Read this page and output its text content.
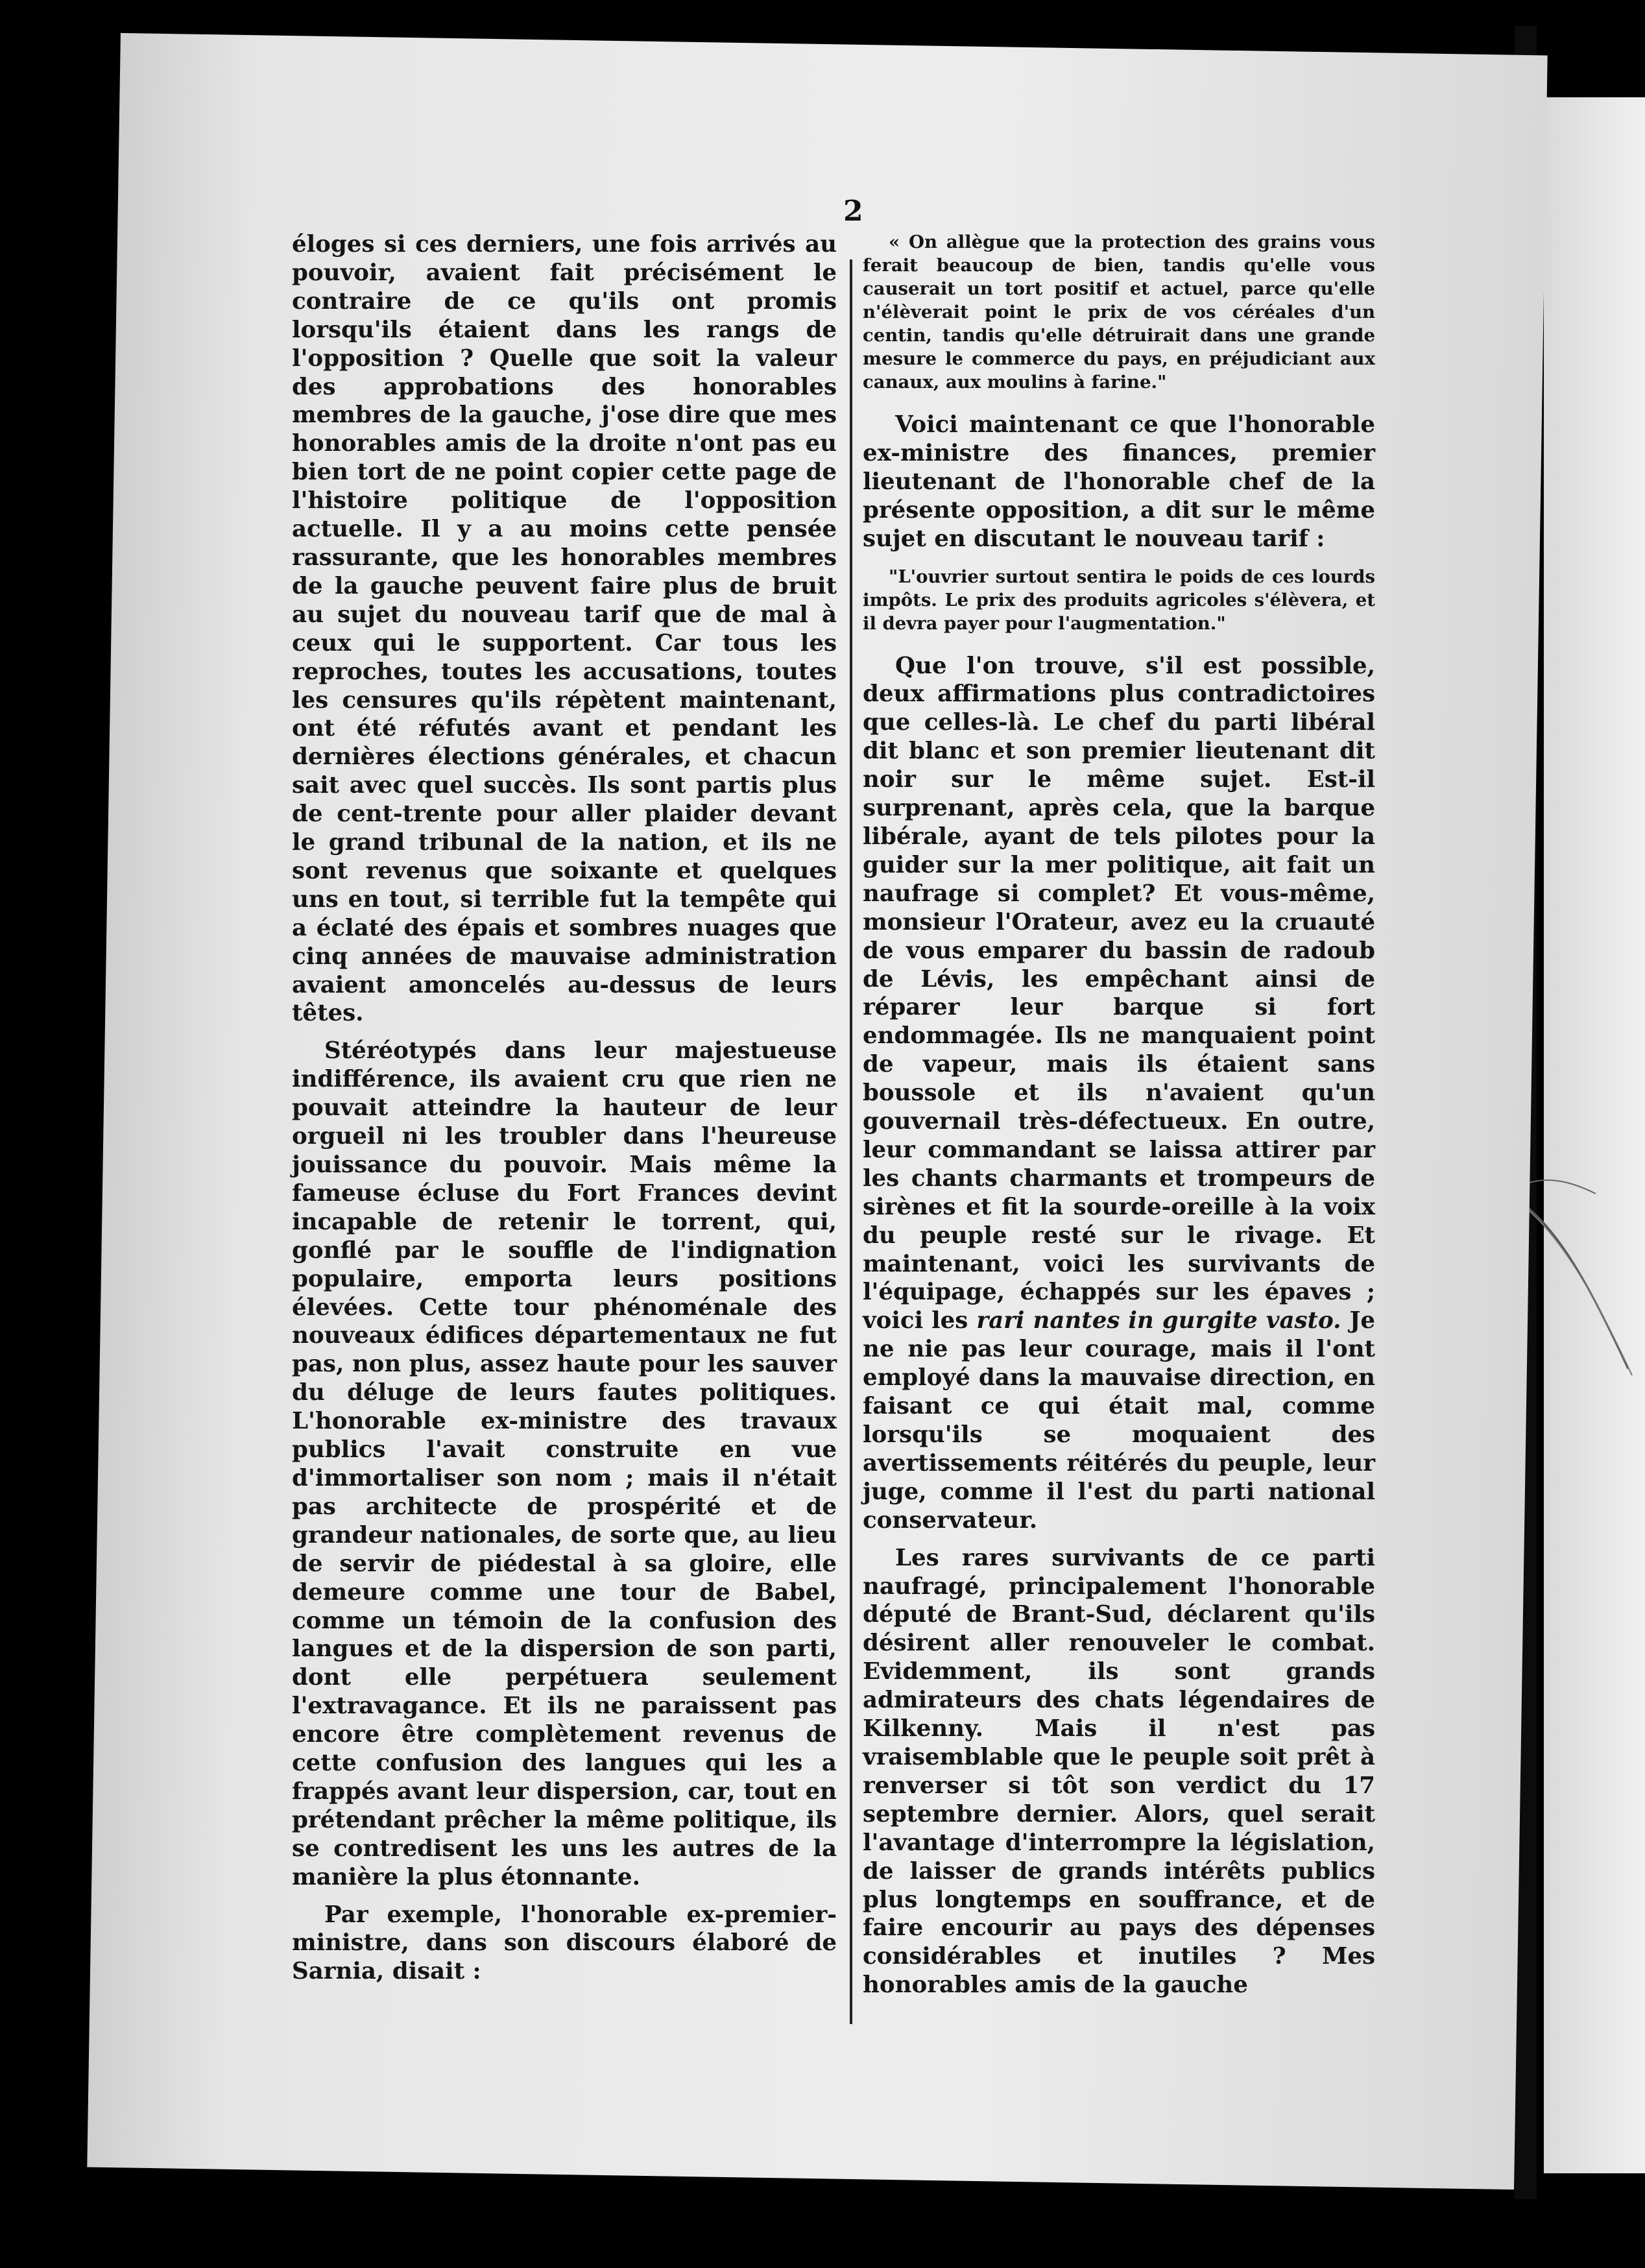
2

éloges si ces derniers, une fois arrivés au pouvoir, avaient fait précisément le contraire de ce qu'ils ont promis lorsqu'ils étaient dans les rangs de l'opposition ? Quelle que soit la valeur des approbations des honorables membres de la gauche, j'ose dire que mes honorables amis de la droite n'ont pas eu bien tort de ne point copier cette page de l'histoire politique de l'opposition actuelle. Il y a au moins cette pensée rassurante, que les honorables membres de la gauche peuvent faire plus de bruit au sujet du nouveau tarif que de mal à ceux qui le supportent. Car tous les reproches, toutes les accusations, toutes les censures qu'ils répètent maintenant, ont été réfutés avant et pendant les dernières élections générales, et chacun sait avec quel succès. Ils sont partis plus de cent-trente pour aller plaider devant le grand tribunal de la nation, et ils ne sont revenus que soixante et quelques uns en tout, si terrible fut la tempête qui a éclaté des épais et sombres nuages que cinq années de mauvaise administration avaient amoncelés au-dessus de leurs têtes.

Stéréotypés dans leur majestueuse indifférence, ils avaient cru que rien ne pouvait atteindre la hauteur de leur orgueil ni les troubler dans l'heureuse jouissance du pouvoir. Mais même la fameuse écluse du Fort Frances devint incapable de retenir le torrent, qui, gonflé par le souffle de l'indignation populaire, emporta leurs positions élevées. Cette tour phénoménale des nouveaux édifices départementaux ne fut pas, non plus, assez haute pour les sauver du déluge de leurs fautes politiques. L'honorable ex-ministre des travaux publics l'avait construite en vue d'immortaliser son nom ; mais il n'était pas architecte de prospérité et de grandeur nationales, de sorte que, au lieu de servir de piédestal à sa gloire, elle demeure comme une tour de Babel, comme un témoin de la confusion des langues et de la dispersion de son parti, dont elle perpétuera seulement l'extravagance. Et ils ne paraissent pas encore être complètement revenus de cette confusion des langues qui les a frappés avant leur dispersion, car, tout en prétendant prêcher la même politique, ils se contredisent les uns les autres de la manière la plus étonnante.

Par exemple, l'honorable ex-premier-ministre, dans son discours élaboré de Sarnia, disait :

« On allègue que la protection des grains vous ferait beaucoup de bien, tandis qu'elle vous causerait un tort positif et actuel, parce qu'elle n'élèverait point le prix de vos céréales d'un centin, tandis qu'elle détruirait dans une grande mesure le commerce du pays, en préjudiciant aux canaux, aux moulins à farine."

Voici maintenant ce que l'honorable ex-ministre des finances, premier lieutenant de l'honorable chef de la présente opposition, a dit sur le même sujet en discutant le nouveau tarif :

"L'ouvrier surtout sentira le poids de ces lourds impôts. Le prix des produits agricoles s'élèvera, et il devra payer pour l'augmentation."

Que l'on trouve, s'il est possible, deux affirmations plus contradictoires que celles-là. Le chef du parti libéral dit blanc et son premier lieutenant dit noir sur le même sujet. Est-il surprenant, après cela, que la barque libérale, ayant de tels pilotes pour la guider sur la mer politique, ait fait un naufrage si complet? Et vous-même, monsieur l'Orateur, avez eu la cruauté de vous emparer du bassin de radoub de Lévis, les empêchant ainsi de réparer leur barque si fort endommagée. Ils ne manquaient point de vapeur, mais ils étaient sans boussole et ils n'avaient qu'un gouvernail très-défectueux. En outre, leur commandant se laissa attirer par les chants charmants et trompeurs de sirènes et fit la sourde-oreille à la voix du peuple resté sur le rivage. Et maintenant, voici les survivants de l'équipage, échappés sur les épaves ; voici les rari nantes in gurgite vasto. Je ne nie pas leur courage, mais il l'ont employé dans la mauvaise direction, en faisant ce qui était mal, comme lorsqu'ils se moquaient des avertissements réitérés du peuple, leur juge, comme il l'est du parti national conservateur.

Les rares survivants de ce parti naufragé, principalement l'honorable député de Brant-Sud, déclarent qu'ils désirent aller renouveler le combat. Evidemment, ils sont grands admirateurs des chats légendaires de Kilkenny. Mais il n'est pas vraisemblable que le peuple soit prêt à renverser si tôt son verdict du 17 septembre dernier. Alors, quel serait l'avantage d'interrompre la législation, de laisser de grands intérêts publics plus longtemps en souffrance, et de faire encourir au pays des dépenses considérables et inutiles ? Mes honorables amis de la gauche
